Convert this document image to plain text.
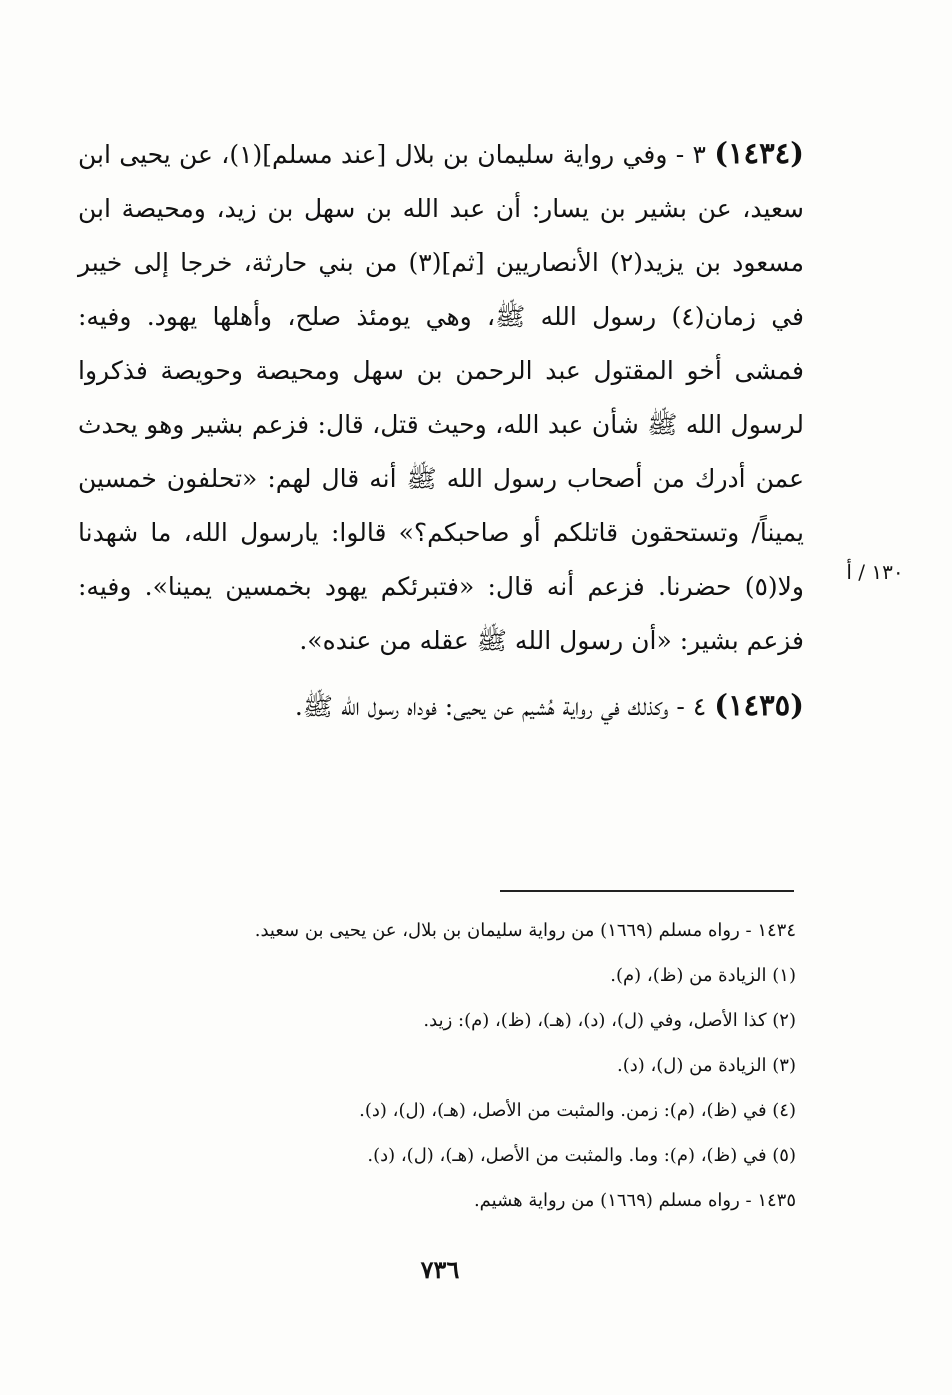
(١٤٣٤) ٣ - وفي رواية سليمان بن بلال [عند مسلم](١)، عن يحيى ابن سعيد، عن بشير بن يسار: أن عبد الله بن سهل بن زيد، ومحيصة ابن مسعود بن يزيد(٢) الأنصاريين [ثم](٣) من بني حارثة، خرجا إلى خيبر في زمان(٤) رسول الله ﷺ، وهي يومئذ صلح، وأهلها يهود. وفيه: فمشى أخو المقتول عبد الرحمن بن سهل ومحيصة وحويصة فذكروا لرسول الله ﷺ شأن عبد الله، وحيث قتل، قال: فزعم بشير وهو يحدث عمن أدرك من أصحاب رسول الله ﷺ أنه قال لهم: «تحلفون خمسين يميناً/ وتستحقون قاتلكم أو صاحبكم؟» قالوا: يارسول الله، ما شهدنا ولا(٥) حضرنا. فزعم أنه قال: «فتبرئكم يهود بخمسين يمينا». وفيه: فزعم بشير: «أن رسول الله ﷺ عقله من عنده».

(١٤٣٥) ٤ - وكذلك في رواية هُشيم عن يحيى: فوداه رسول الله ﷺ.

١٣٠ / أ

١٤٣٤ - رواه مسلم (١٦٦٩) من رواية سليمان بن بلال، عن يحيى بن سعيد.

(١) الزيادة من (ظ)، (م).

(٢) كذا الأصل، وفي (ل)، (د)، (هـ)، (ظ)، (م): زيد.

(٣) الزيادة من (ل)، (د).

(٤) في (ظ)، (م): زمن. والمثبت من الأصل، (هـ)، (ل)، (د).

(٥) في (ظ)، (م): وما. والمثبت من الأصل، (هـ)، (ل)، (د).

١٤٣٥ - رواه مسلم (١٦٦٩) من رواية هشيم.

٧٣٦
